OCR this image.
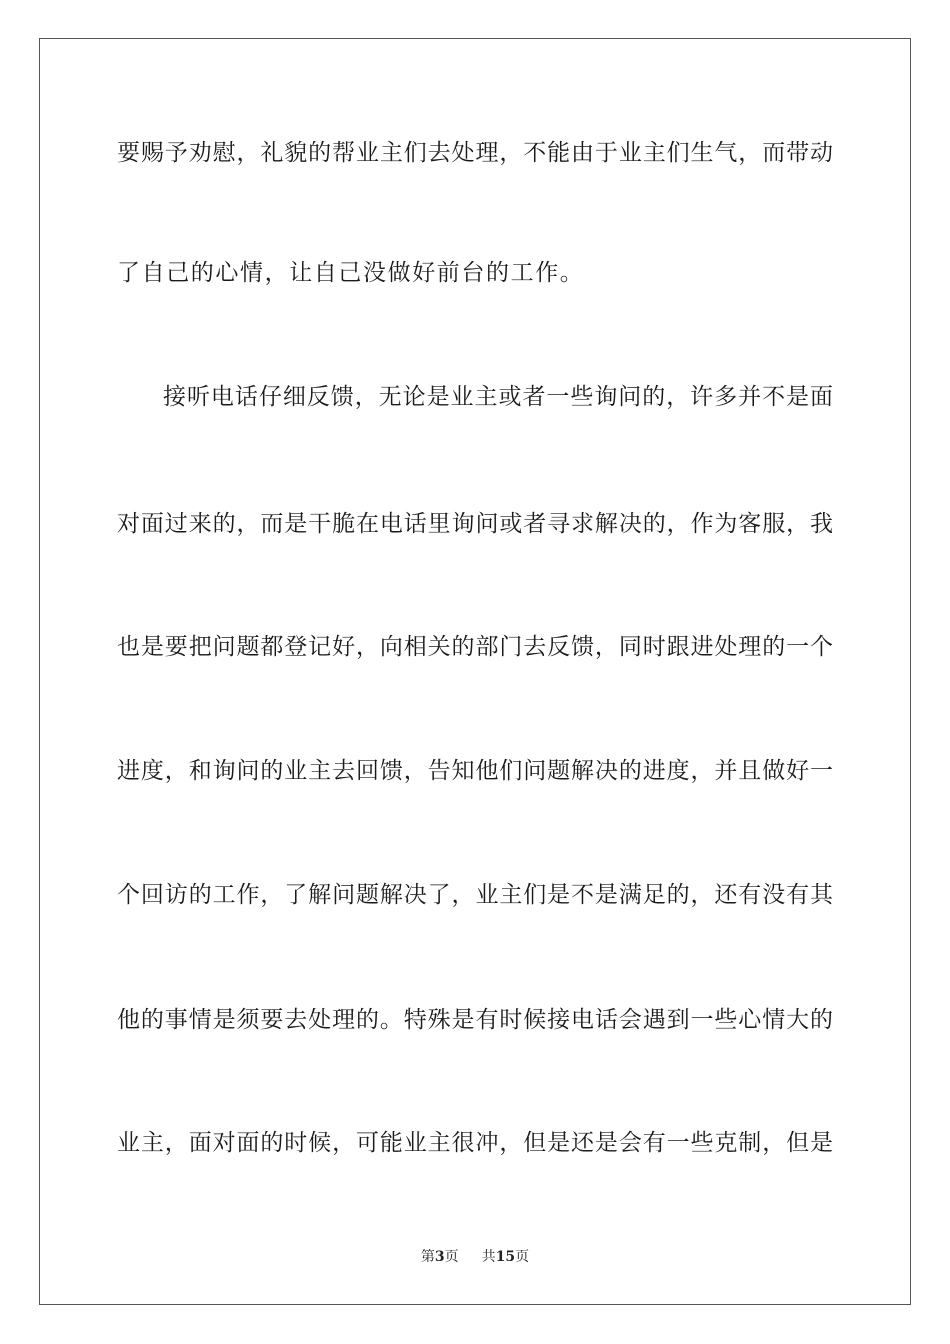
要赐予劝慰，礼貌的帮业主们去处理，不能由于业主们生气，而带动
了自己的心情，让自己没做好前台的工作。
接听电话仔细反馈，无论是业主或者一些询问的，许多并不是面
对面过来的，而是干脆在电话里询问或者寻求解决的，作为客服，我
也是要把问题都登记好，向相关的部门去反馈，同时跟进处理的一个
进度，和询问的业主去回馈，告知他们问题解决的进度，并且做好一
个回访的工作，了解问题解决了，业主们是不是满足的，还有没有其
他的事情是须要去处理的。特殊是有时候接电话会遇到一些心情大的
业主，面对面的时候，可能业主很冲，但是还是会有一些克制，但是
第3页 共15页
